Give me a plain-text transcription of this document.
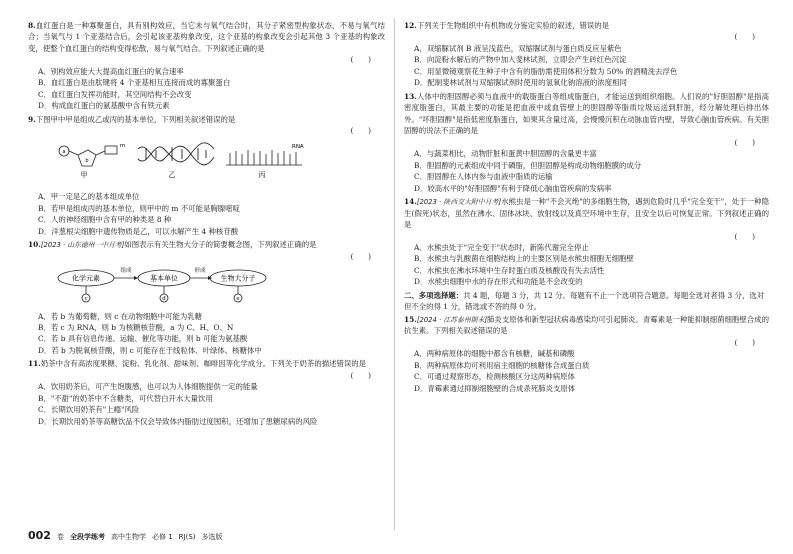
8.血红蛋白是一种寡聚蛋白，具有别构效应，当它未与氧气结合时，其分子紧密型构象状态，不易与氧气结合；当氧气与 1 个亚基结合后，会引起该亚基构象改变，这个亚基的构象改变会引起其他 3 个亚基的构象改变，使整个血红蛋白的结构变得松散，易与氧气结合。下列叙述正确的是
(　　)
A．别构效应能大大提高血红蛋白的氧合速率
B．血红蛋白是由肽键将 4 个亚基相互连接而成的寡聚蛋白
C．血红蛋白发挥功能时，其空间结构不会改变
D．构成血红蛋白的氨基酸中含有铁元素
9.下图甲中甲是组成乙或丙的基本单位，下列相关叙述错误的是
(　　)
a
b
m
甲	乙
RNA
丙
A．甲一定是乙的基本组成单位
B．若甲是组成丙的基本单位，则甲中的 m 不可能是胸腺嘧啶
C．人的神经细胞中含有甲的种类是 8 种
D．洋葱根尖细胞中遗传物质是乙，可以水解产生 4 种核苷酸
10.[2023 · 山东德州一中月考]如图表示有关生物大分子的简要概念图，下列叙述正确的是
(　　)
化学元素
组成
基本单位
形成
生物大分子
c	d	e
A．若 b 为葡萄糖，则 c 在动物细胞中可能为乳糖
B．若 c 为 RNA，则 b 为核糖核苷酸，a 为 C、H、O、N
C．若 b 具有信息传递、运输、催化等功能，则 b 可能为氨基酸
D．若 b 为脱氧核苷酸，则 c 可能存在于线粒体、叶绿体、核糖体中
11.奶茶中含有高浓度果糖、淀粉、乳化剂、甜味剂、咖啡因等化学成分。下列关于奶茶的描述错误的是
(　　)
A．饮用奶茶后，可产生饱腹感，也可以为人体细胞提供一定的能量
B．"不甜"的奶茶中不含糖类，可代替白开水大量饮用
C．长期饮用奶茶有"上瘾"风险
D．长期饮用奶茶等高糖饮品不仅会导致体内脂肪过度囤积，还增加了患糖尿病的风险
12.下列关于生物组织中有机物成分鉴定实验的叙述，错误的是
(　　)
A．双缩脲试剂 B 液呈浅蓝色，双缩脲试剂与蛋白质反应呈紫色
B．向淀粉水解后的产物中加入斐林试剂，立即会产生砖红色沉淀
C．用显微镜观察花生种子中含有的脂肪需使用体积分数为 50% 的酒精洗去浮色
D．配制斐林试剂与双缩脲试剂时使用的氢氧化钠溶液的浓度相同
13.人体中的胆固醇必须与血液中的载脂蛋白等组成脂蛋白，才能运送到组织细胞。人们说的"好胆固醇"是指高密度脂蛋白，其最主要的功能是把血液中或血管壁上的胆固醇等脂质垃圾运送到肝脏，经分解处理后排出体外。"坏胆固醇"是指低密度脂蛋白，如果其含量过高，会慢慢沉积在动脉血管内壁，导致心脑血管疾病。有关胆固醇的说法不正确的是
(　　)
A．与蔬菜相比，动物肝脏和蛋黄中胆固醇的含量更丰富
B．胆固醇的元素组成中同于磷脂，但胆固醇是构成动物细胞膜的成分
C．胆固醇在人体内参与血液中脂质的运输
D．较高水平的"好胆固醇"有利于降低心脑血管疾病的发病率
14.[2023 · 陕西交大附中月考]水熊虫是一种"不会灭绝"的多细胞生物，遇到危险时几乎"完全变干"，处于一种隐生(假死)状态，虽然在沸水、固体冰块、放射线以及真空环境中生存，且安全以后可恢复正常。下列叙述正确的是
(　　)
A．水熊虫处于"完全变干"状态时，新陈代谢完全停止
B．水熊虫与乳酸菌在细胞结构上的主要区别是水熊虫细胞无细胞壁
C．水熊虫在沸水环境中生存时蛋白质及核酸没有失去活性
D．水熊虫细胞中水的存在形式和功能是不会改变的
二、多项选择题：共 4 题，每题 3 分，共 12 分。每题有不止一个选项符合题意。每题全选对者得 3 分，选对但不全的得 1 分，错选或不答的得 0 分。
15.[2024 · 江苏泰州期末]肺炎支原体和新型冠状病毒感染均可引起肺炎。青霉素是一种能抑制细菌细胞壁合成的抗生素。下列相关叙述错误的是
(　　)
A．两种病原体的细胞中都含有核糖，碱基和磷酸
B．两种病原体均可利用宿主细胞的核糖体合成蛋白质
C．可通过观察形态，检测核酸区分这两种病原体
D．青霉素通过抑制细胞壁的合成杀死肺炎支原体
002 卷 全段学练考 高中生物学 必修 1 RJ(S) 多选版
